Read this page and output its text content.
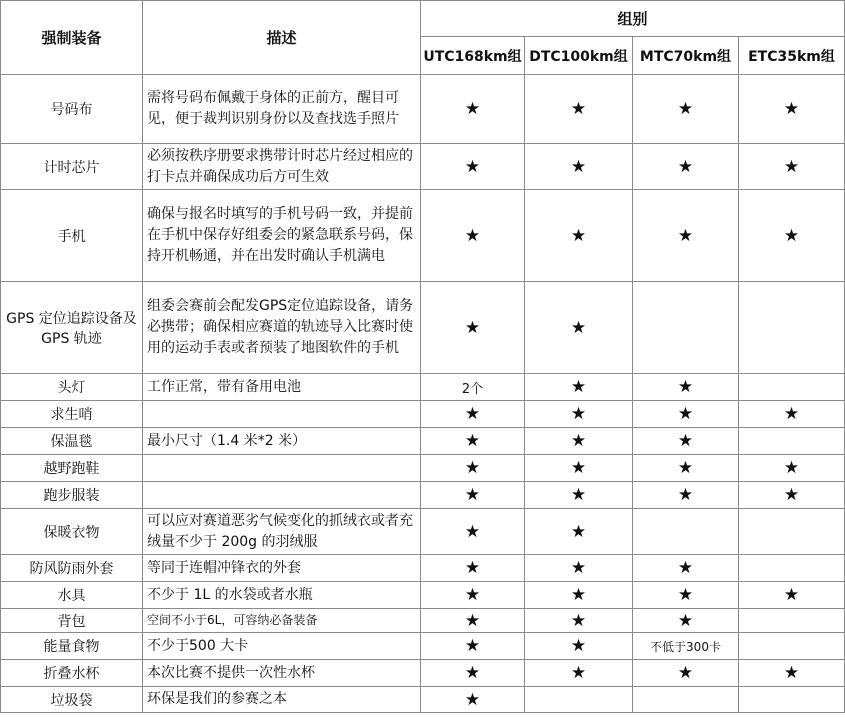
强制装备	描述	组别			
		UTC168km组	DTC100km组	MTC70km组	ETC35km组
号码布	需将号码布佩戴于身体的正前方，醒目可见，便于裁判识别身份以及查找选手照片	★	★	★	★
计时芯片	必须按秩序册要求携带计时芯片经过相应的打卡点并确保成功后方可生效	★	★	★	★
手机	确保与报名时填写的手机号码一致，并提前在手机中保存好组委会的紧急联系号码，保持开机畅通，并在出发时确认手机满电	★	★	★	★
GPS 定位追踪设备及GPS 轨迹	组委会赛前会配发GPS定位追踪设备，请务必携带；确保相应赛道的轨迹导入比赛时使用的运动手表或者预装了地图软件的手机	★	★		
头灯	工作正常，带有备用电池	2个	★	★	
求生哨		★	★	★	★
保温毯	最小尺寸（1.4 米*2 米）	★	★	★	
越野跑鞋		★	★	★	★
跑步服装		★	★	★	★
保暖衣物	可以应对赛道恶劣气候变化的抓绒衣或者充绒量不少于 200g 的羽绒服	★	★		
防风防雨外套	等同于连帽冲锋衣的外套	★	★	★	
水具	不少于 1L 的水袋或者水瓶	★	★	★	★
背包	空间不小于6L，可容纳必备装备	★	★	★	
能量食物	不少于500 大卡	★	★	不低于300卡	
折叠水杯	本次比赛不提供一次性水杯	★	★	★	★
垃圾袋	环保是我们的参赛之本	★			
